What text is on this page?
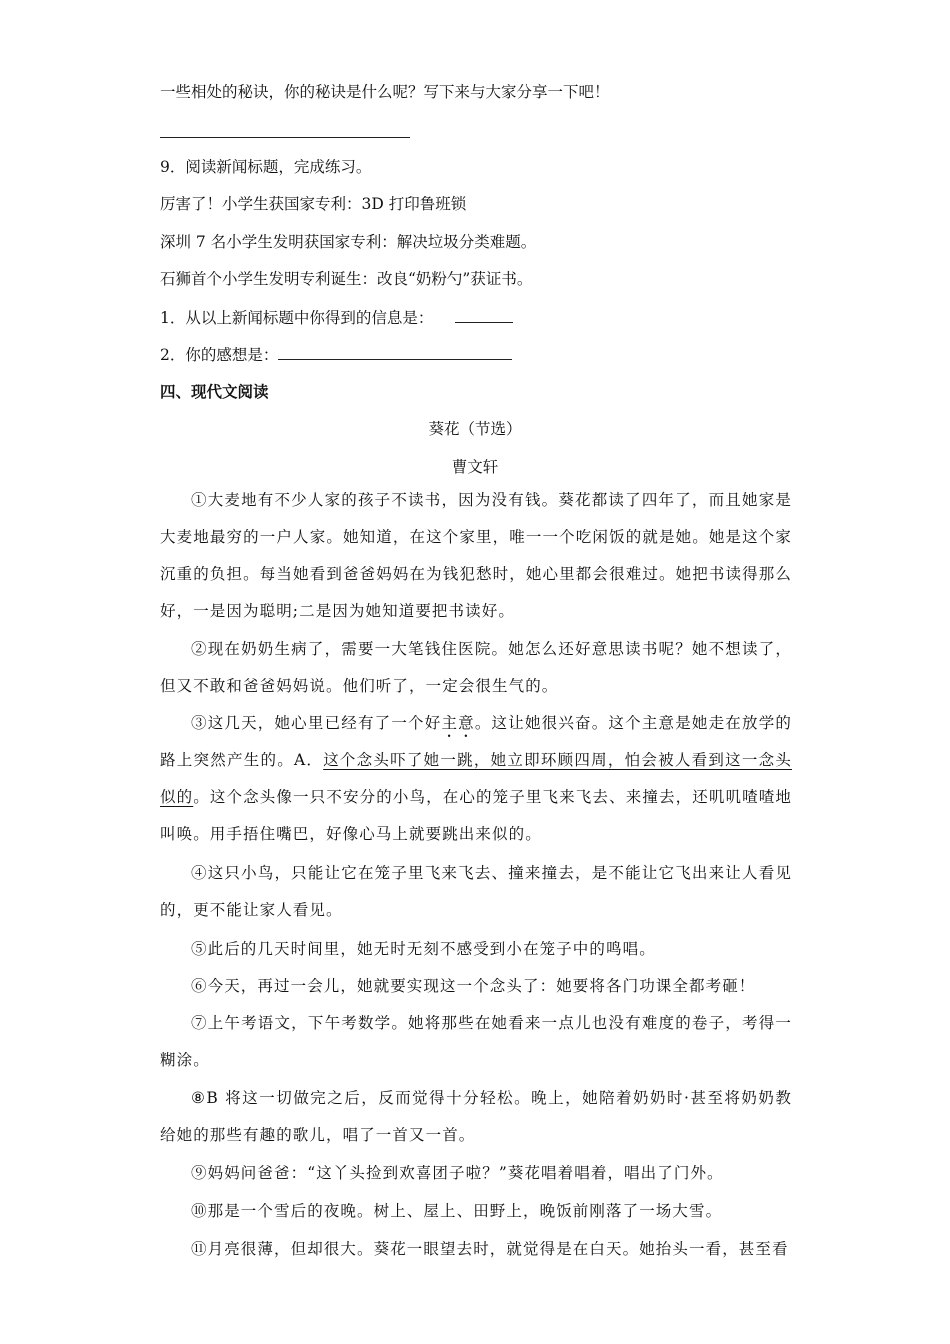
一些相处的秘诀，你的秘诀是什么呢？写下来与大家分享一下吧！
9．阅读新闻标题，完成练习。
厉害了！小学生获国家专利：3D 打印鲁班锁
深圳 7 名小学生发明获国家专利：解决垃圾分类难题。
石狮首个小学生发明专利诞生：改良“奶粉勺”获证书。
1．从以上新闻标题中你得到的信息是：
2．你的感想是：
四、现代文阅读
葵花（节选）
曹文轩
①大麦地有不少人家的孩子不读书，因为没有钱。葵花都读了四年了，而且她家是大麦地最穷的一户人家。她知道，在这个家里，唯一一个吃闲饭的就是她。她是这个家沉重的负担。每当她看到爸爸妈妈在为钱犯愁时，她心里都会很难过。她把书读得那么好，一是因为聪明;二是因为她知道要把书读好。
②现在奶奶生病了，需要一大笔钱住医院。她怎么还好意思读书呢？她不想读了，但又不敢和爸爸妈妈说。他们听了，一定会很生气的。
③这几天，她心里已经有了一个好主意。这让她很兴奋。这个主意是她走在放学的路上突然产生的。A．这个念头吓了她一跳，她立即环顾四周，怕会被人看到这一念头似的。这个念头像一只不安分的小鸟，在心的笼子里飞来飞去、来撞去，还叽叽喳喳地叫唤。用手捂住嘴巴，好像心马上就要跳出来似的。
④这只小鸟，只能让它在笼子里飞来飞去、撞来撞去，是不能让它飞出来让人看见的，更不能让家人看见。
⑤此后的几天时间里，她无时无刻不感受到小在笼子中的鸣唱。
⑥今天，再过一会儿，她就要实现这一个念头了：她要将各门功课全都考砸！
⑦上午考语文，下午考数学。她将那些在她看来一点儿也没有难度的卷子，考得一糊涂。
⑧B 将这一切做完之后，反而觉得十分轻松。晚上，她陪着奶奶时·甚至将奶奶教给她的那些有趣的歌儿，唱了一首又一首。
⑨妈妈问爸爸：“这丫头捡到欢喜团子啦？”葵花唱着唱着，唱出了门外。
⑩那是一个雪后的夜晚。树上、屋上、田野上，晚饭前刚落了一场大雪。
⑪月亮很薄，但却很大。葵花一眼望去时，就觉得是在白天。她抬头一看，甚至看
